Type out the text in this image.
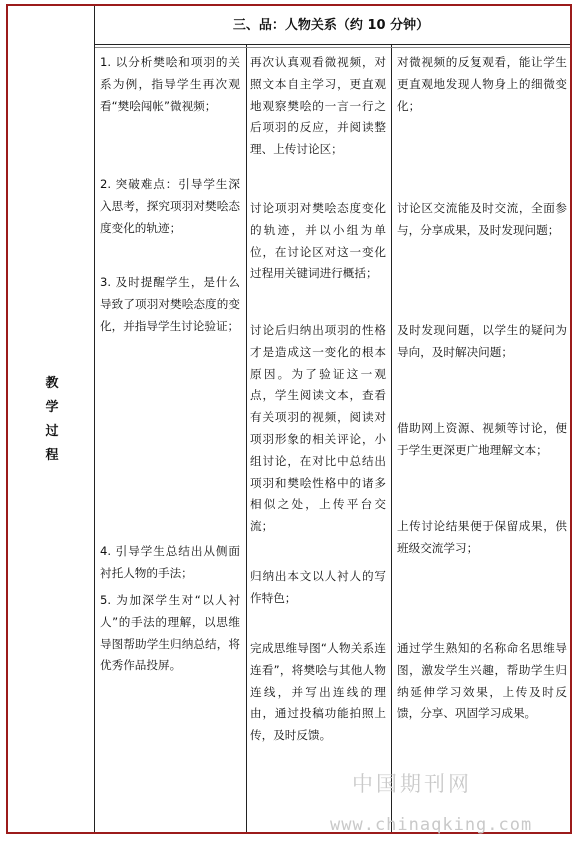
教
学
过
程
三、品：人物关系（约 10 分钟）
1. 以分析樊哙和项羽的关系为例，指导学生再次观看“樊哙闯帐”微视频；
2. 突破难点：引导学生深入思考，探究项羽对樊哙态度变化的轨迹；
3. 及时提醒学生，是什么导致了项羽对樊哙态度的变化，并指导学生讨论验证；
4. 引导学生总结出从侧面衬托人物的手法；
5. 为加深学生对“以人衬人”的手法的理解，以思维导图帮助学生归纳总结，将优秀作品投屏。
再次认真观看微视频，对照文本自主学习，更直观地观察樊哙的一言一行之后项羽的反应，并阅读整理、上传讨论区；
讨论项羽对樊哙态度变化的轨迹，并以小组为单位，在讨论区对这一变化过程用关键词进行概括；
讨论后归纳出项羽的性格才是造成这一变化的根本原因。为了验证这一观点，学生阅读文本，查看有关项羽的视频，阅读对项羽形象的相关评论，小组讨论，在对比中总结出项羽和樊哙性格中的诸多相似之处，上传平台交流；
归纳出本文以人衬人的写作特色；
完成思维导图“人物关系连连看”，将樊哙与其他人物连线，并写出连线的理由，通过投稿功能拍照上传，及时反馈。
对微视频的反复观看，能让学生更直观地发现人物身上的细微变化；
讨论区交流能及时交流，全面参与，分享成果，及时发现问题；
及时发现问题，以学生的疑问为导向，及时解决问题；
借助网上资源、视频等讨论，便于学生更深更广地理解文本；
上传讨论结果便于保留成果，供班级交流学习；
通过学生熟知的名称命名思维导图，激发学生兴趣，帮助学生归纳延伸学习效果，上传及时反馈，分享、巩固学习成果。
中国期刊网
www.chinaqking.com
